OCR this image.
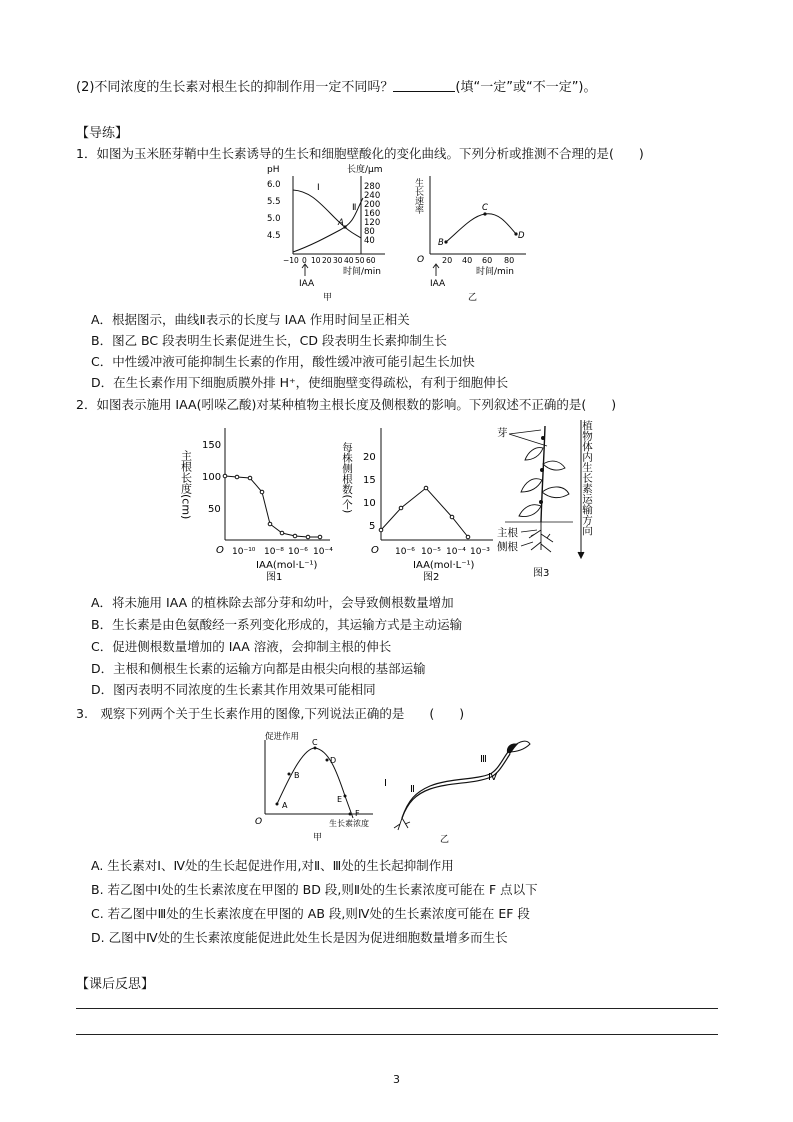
(2)不同浓度的生长素对根生长的抑制作用一定不同吗？	(填“一定”或“不一定”)。
【导练】
1．如图为玉米胚芽鞘中生长素诱导的生长和细胞壁酸化的变化曲线。下列分析或推测不合理的是(　　)
pH	长度/μm
6.0
5.5
5.0
4.5
280
240
200
160
120
80
40
A
Ⅰ
Ⅱ
−10 0 10 20 30 40 50 60
时间/min
IAA
甲
生长速率
B
C
D
O 20 40 60 80
时间/min
IAA
乙
A．根据图示，曲线Ⅱ表示的长度与 IAA 作用时间呈正相关
B．图乙 BC 段表明生长素促进生长，CD 段表明生长素抑制生长
C．中性缓冲液可能抑制生长素的作用，酸性缓冲液可能引起生长加快
D．在生长素作用下细胞质膜外排 H⁺，使细胞壁变得疏松，有利于细胞伸长
2．如图表示施用 IAA(吲哚乙酸)对某种植物主根长度及侧根数的影响。下列叙述不正确的是(　　)
主根长度(cm)
150
100
50
O 10⁻¹⁰ 10⁻⁸ 10⁻⁶ 10⁻⁴
IAA(mol·L⁻¹)
图1
每株侧根数(个) 20
15
10
5
O 10⁻⁶ 10⁻⁵ 10⁻⁴ 10⁻³
IAA(mol·L⁻¹)
图2
芽
主根
侧根
植物体内生长素运输方向
图3
A．将未施用 IAA 的植株除去部分芽和幼叶，会导致侧根数量增加
B．生长素是由色氨酸经一系列变化形成的，其运输方式是主动运输
C．促进侧根数量增加的 IAA 溶液，会抑制主根的伸长
D．主根和侧根生长素的运输方向都是由根尖向根的基部运输
D．图丙表明不同浓度的生长素其作用效果可能相同
3.　观察下列两个关于生长素作用的图像,下列说法正确的是　　(　　)
促进作用
A
B
C
D
E
F
O	生长素浓度
甲
Ⅰ
Ⅱ
Ⅲ
Ⅳ
乙
A. 生长素对Ⅰ、Ⅳ处的生长起促进作用,对Ⅱ、Ⅲ处的生长起抑制作用
B. 若乙图中Ⅰ处的生长素浓度在甲图的 BD 段,则Ⅱ处的生长素浓度可能在 F 点以下
C. 若乙图中Ⅲ处的生长素浓度在甲图的 AB 段,则Ⅳ处的生长素浓度可能在 EF 段
D. 乙图中Ⅳ处的生长素浓度能促进此处生长是因为促进细胞数量增多而生长
【课后反思】
3
